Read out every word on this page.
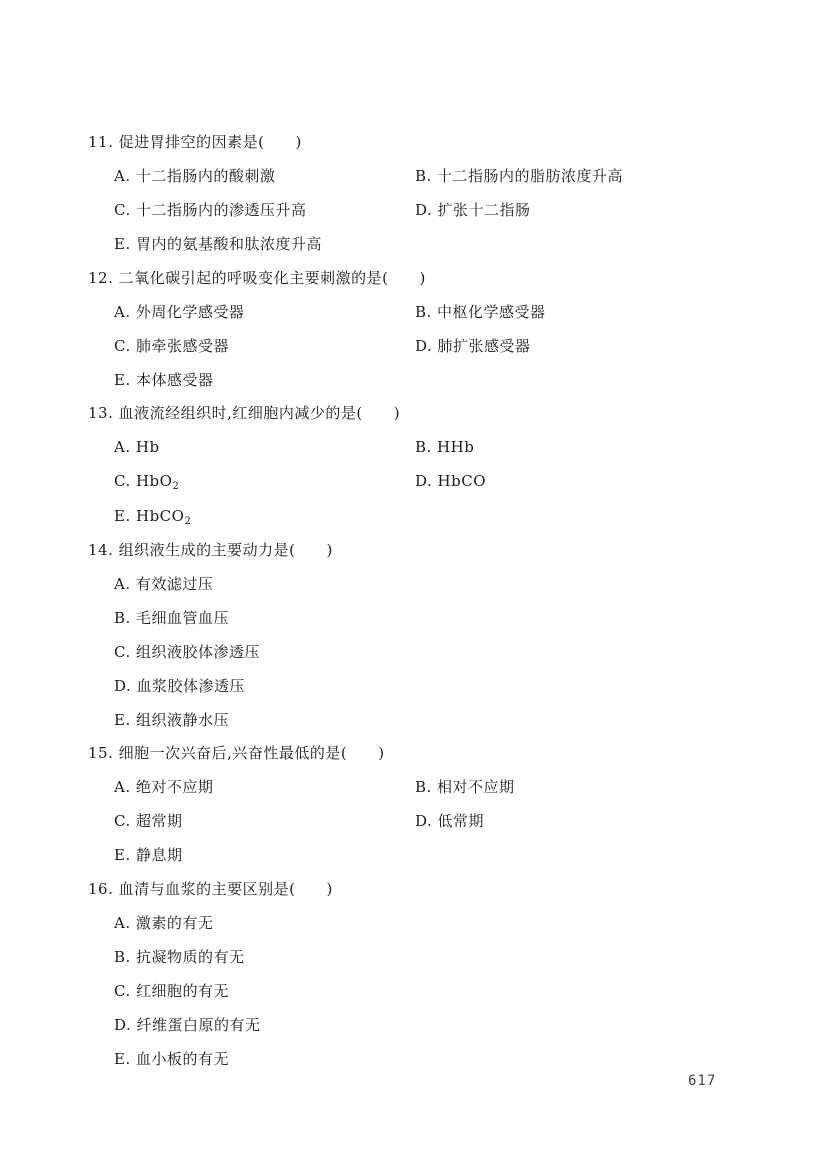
11. 促进胃排空的因素是(　　)
A. 十二指肠内的酸刺激	B. 十二指肠内的脂肪浓度升高
C. 十二指肠内的渗透压升高	D. 扩张十二指肠
E. 胃内的氨基酸和肽浓度升高
12. 二氧化碳引起的呼吸变化主要刺激的是(　　)
A. 外周化学感受器	B. 中枢化学感受器
C. 肺牵张感受器	D. 肺扩张感受器
E. 本体感受器
13. 血液流经组织时,红细胞内减少的是(　　)
A. Hb	B. HHb
C. HbO$_2$	D. HbCO
E. HbCO$_2$
14. 组织液生成的主要动力是(　　)
A. 有效滤过压
B. 毛细血管血压
C. 组织液胶体渗透压
D. 血浆胶体渗透压
E. 组织液静水压
15. 细胞一次兴奋后,兴奋性最低的是(　　)
A. 绝对不应期	B. 相对不应期
C. 超常期	D. 低常期
E. 静息期
16. 血清与血浆的主要区别是(　　)
A. 激素的有无
B. 抗凝物质的有无
C. 红细胞的有无
D. 纤维蛋白原的有无
E. 血小板的有无
617
